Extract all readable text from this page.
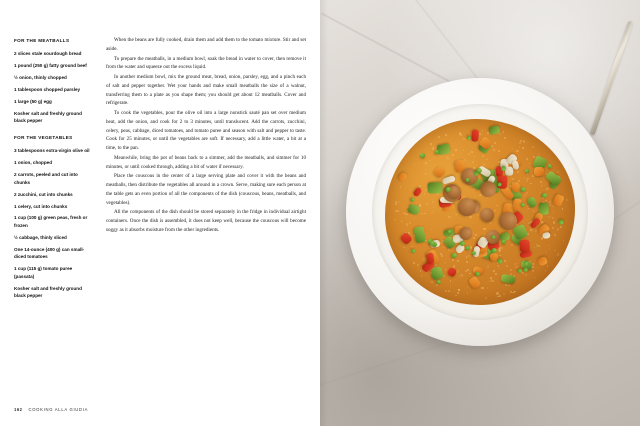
FOR THE MEATBALLS
2 slices stale sourdough bread
1 pound (250 g) fatty ground beef
½ onion, thinly chopped
1 tablespoon chopped parsley
1 large (50 g) egg
Kosher salt and freshly ground black pepper
FOR THE VEGETABLES
3 tablespoons extra-virgin olive oil
1 onion, chopped
2 carrots, peeled and cut into chunks
2 zucchini, cut into chunks
1 celery, cut into chunks
1 cup (100 g) green peas, fresh or frozen
½ cabbage, thinly sliced
One 14-ounce (400 g) can small-diced tomatoes
1 cup (115 g) tomato puree (passata)
Kosher salt and freshly ground black pepper

When the beans are fully cooked, drain them and add them to the tomato mixture. Stir and set aside.

To prepare the meatballs, in a medium bowl, soak the bread in water to cover, then remove it from the water and squeeze out the excess liquid.

In another medium bowl, mix the ground meat, bread, onion, parsley, egg, and a pinch each of salt and pepper together. Wet your hands and make small meatballs the size of a walnut, transferring them to a plate as you shape them; you should get about 12 meatballs. Cover and refrigerate.

To cook the vegetables, pour the olive oil into a large nonstick sauté pan set over medium heat, add the onion, and cook for 2 to 3 minutes, until translucent. Add the carrots, zucchini, celery, peas, cabbage, diced tomatoes, and tomato puree and season with salt and pepper to taste. Cook for 25 minutes, or until the vegetables are soft. If necessary, add a little water, a bit at a time, to the pan.

Meanwhile, bring the pot of beans back to a simmer, add the meatballs, and simmer for 10 minutes, or until cooked through, adding a bit of water if necessary.

Place the couscous in the center of a large serving plate and cover it with the beans and meatballs, then distribute the vegetables all around in a crown. Serve, making sure each person at the table gets an even portion of all the components of the dish (couscous, beans, meatballs, and vegetables).

All the components of the dish should be stored separately in the fridge in individual airtight containers. Once the dish is assembled, it does not keep well, because the couscous will become soggy as it absorbs moisture from the other ingredients.

162 COOKING ALLA GIUDIA
